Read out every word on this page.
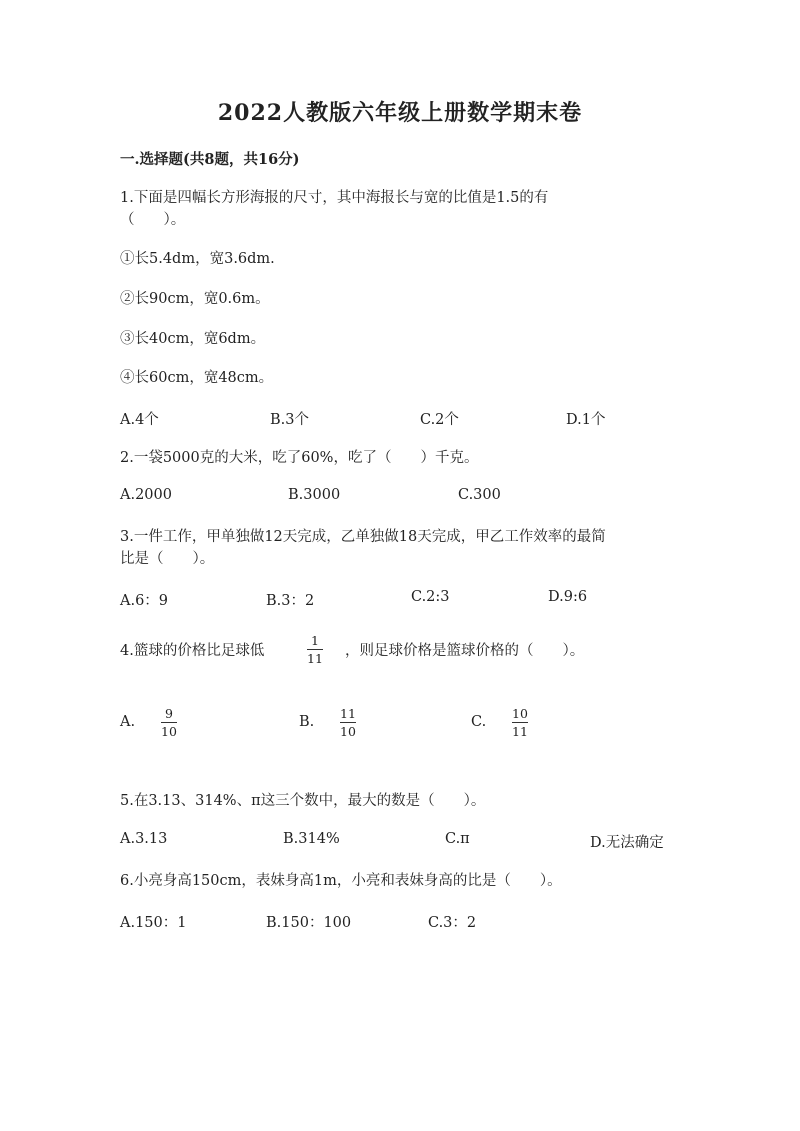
2022人教版六年级上册数学期末卷
一.选择题(共8题，共16分)
1.下面是四幅长方形海报的尺寸，其中海报长与宽的比值是1.5的有
（　　）。
①长5.4dm，宽3.6dm.
②长90cm，宽0.6m。
③长40cm，宽6dm。
④长60cm，宽48cm。
A.4个	B.3个	C.2个	D.1个
2.一袋5000克的大米，吃了60%，吃了（　　）千克。
A.2000	B.3000	C.300
3.一件工作，甲单独做12天完成，乙单独做18天完成，甲乙工作效率的最简
比是（　　）。
A.6：9	B.3：2	C.2:3	D.9:6
4.篮球的价格比足球低
1
11 ，则足球价格是篮球价格的（　　）。
A.
9
10
B.
11
10
C.
10
11
5.在3.13、314%、π这三个数中，最大的数是（　　）。
A.3.13	B.314%	C.π	D.无法确定
6.小亮身高150cm，表妹身高1m，小亮和表妹身高的比是（　　）。
A.150：1	B.150：100	C.3：2
